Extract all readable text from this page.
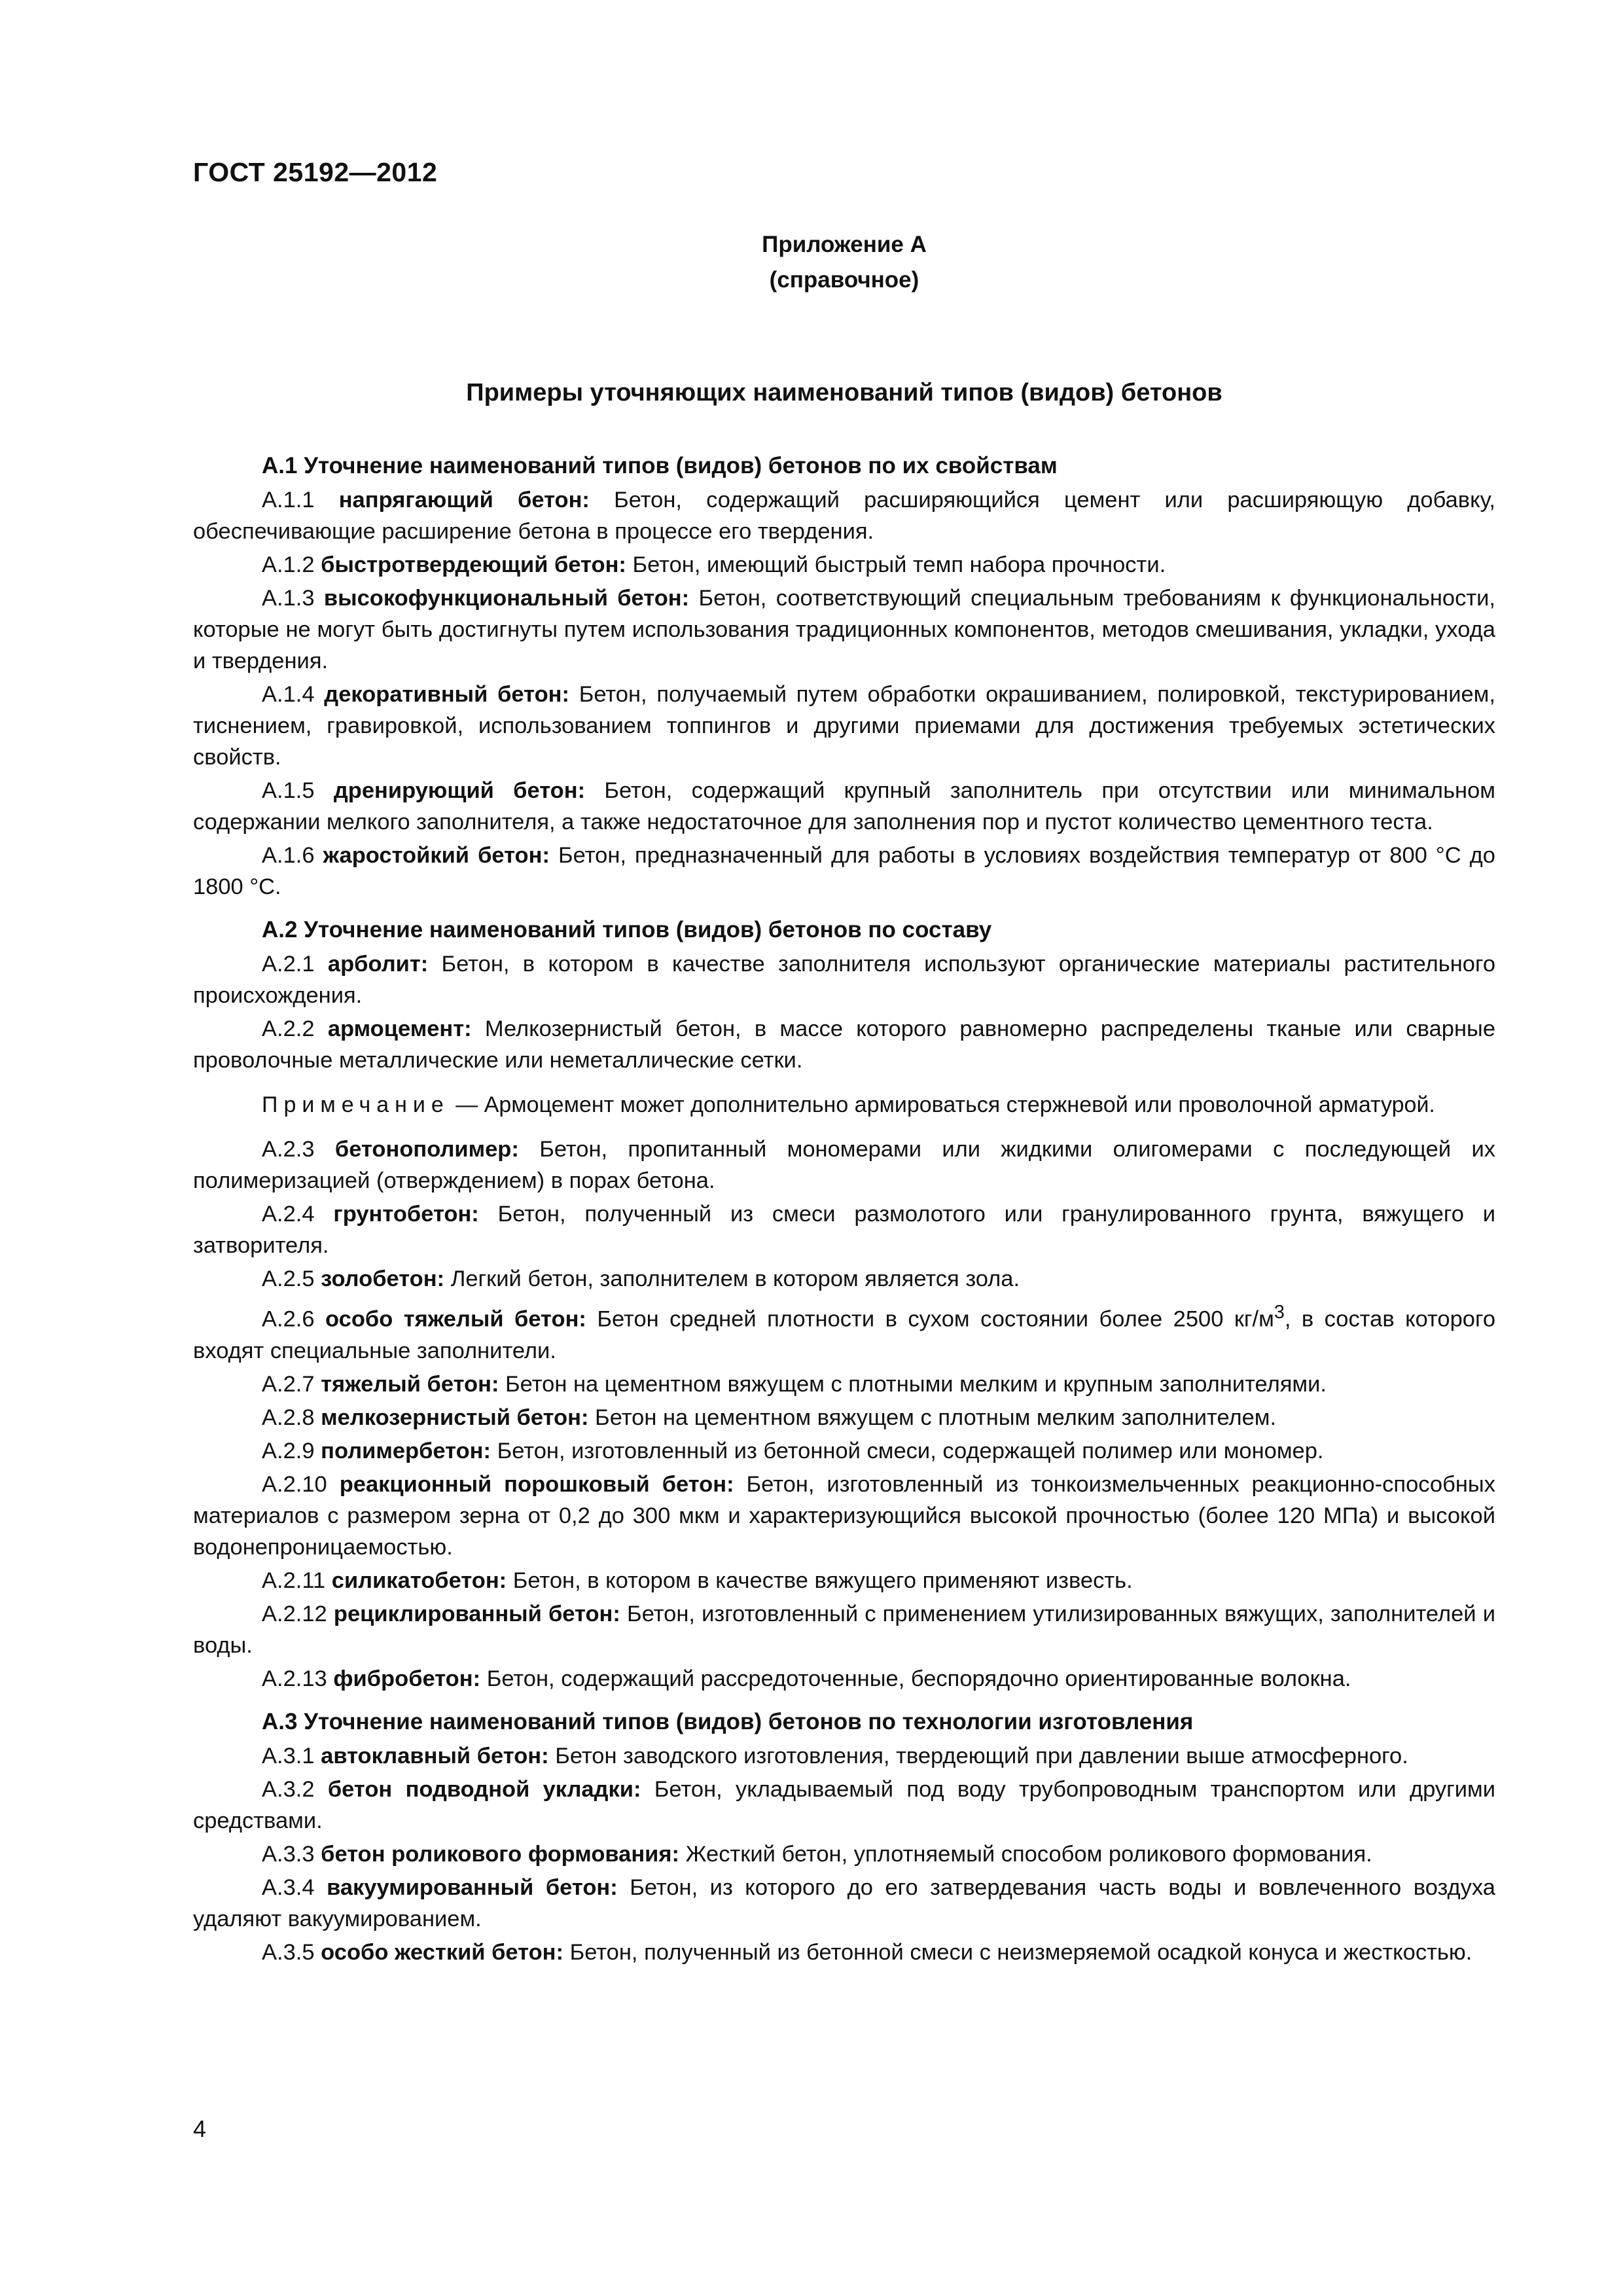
ГОСТ 25192—2012
Приложение А
(справочное)
Примеры уточняющих наименований типов (видов) бетонов
А.1 Уточнение наименований типов (видов) бетонов по их свойствам

А.1.1 напрягающий бетон: Бетон, содержащий расширяющийся цемент или расширяющую добавку, обеспечивающие расширение бетона в процессе его твердения.

А.1.2 быстротвердеющий бетон: Бетон, имеющий быстрый темп набора прочности.

А.1.3 высокофункциональный бетон: Бетон, соответствующий специальным требованиям к функциональности, которые не могут быть достигнуты путем использования традиционных компонентов, методов смешивания, укладки, ухода и твердения.

А.1.4 декоративный бетон: Бетон, получаемый путем обработки окрашиванием, полировкой, текстурированием, тиснением, гравировкой, использованием топпингов и другими приемами для достижения требуемых эстетических свойств.

А.1.5 дренирующий бетон: Бетон, содержащий крупный заполнитель при отсутствии или минимальном содержании мелкого заполнителя, а также недостаточное для заполнения пор и пустот количество цементного теста.

А.1.6 жаростойкий бетон: Бетон, предназначенный для работы в условиях воздействия температур от 800 °С до 1800 °С.

А.2 Уточнение наименований типов (видов) бетонов по составу

А.2.1 арболит: Бетон, в котором в качестве заполнителя используют органические материалы растительного происхождения.

А.2.2 армоцемент: Мелкозернистый бетон, в массе которого равномерно распределены тканые или сварные проволочные металлические или неметаллические сетки.

Примечание — Армоцемент может дополнительно армироваться стержневой или проволочной арматурой.

А.2.3 бетонополимер: Бетон, пропитанный мономерами или жидкими олигомерами с последующей их полимеризацией (отверждением) в порах бетона.

А.2.4 грунтобетон: Бетон, полученный из смеси размолотого или гранулированного грунта, вяжущего и затворителя.

А.2.5 золобетон: Легкий бетон, заполнителем в котором является зола.

А.2.6 особо тяжелый бетон: Бетон средней плотности в сухом состоянии более 2500 $кг/м^3$, в состав которого входят специальные заполнители.

А.2.7 тяжелый бетон: Бетон на цементном вяжущем с плотными мелким и крупным заполнителями.

А.2.8 мелкозернистый бетон: Бетон на цементном вяжущем с плотным мелким заполнителем.

А.2.9 полимербетон: Бетон, изготовленный из бетонной смеси, содержащей полимер или мономер.

А.2.10 реакционный порошковый бетон: Бетон, изготовленный из тонкоизмельченных реакционно-способных материалов с размером зерна от 0,2 до 300 мкм и характеризующийся высокой прочностью (более 120 МПа) и высокой водонепроницаемостью.

А.2.11 силикатобетон: Бетон, в котором в качестве вяжущего применяют известь.

А.2.12 рециклированный бетон: Бетон, изготовленный с применением утилизированных вяжущих, заполнителей и воды.

А.2.13 фибробетон: Бетон, содержащий рассредоточенные, беспорядочно ориентированные волокна.

А.3 Уточнение наименований типов (видов) бетонов по технологии изготовления

А.3.1 автоклавный бетон: Бетон заводского изготовления, твердеющий при давлении выше атмосферного.

А.3.2 бетон подводной укладки: Бетон, укладываемый под воду трубопроводным транспортом или другими средствами.

А.3.3 бетон роликового формования: Жесткий бетон, уплотняемый способом роликового формования.

А.3.4 вакуумированный бетон: Бетон, из которого до его затвердевания часть воды и вовлеченного воздуха удаляют вакуумированием.

А.3.5 особо жесткий бетон: Бетон, полученный из бетонной смеси с неизмеряемой осадкой конуса и жесткостью.

4
